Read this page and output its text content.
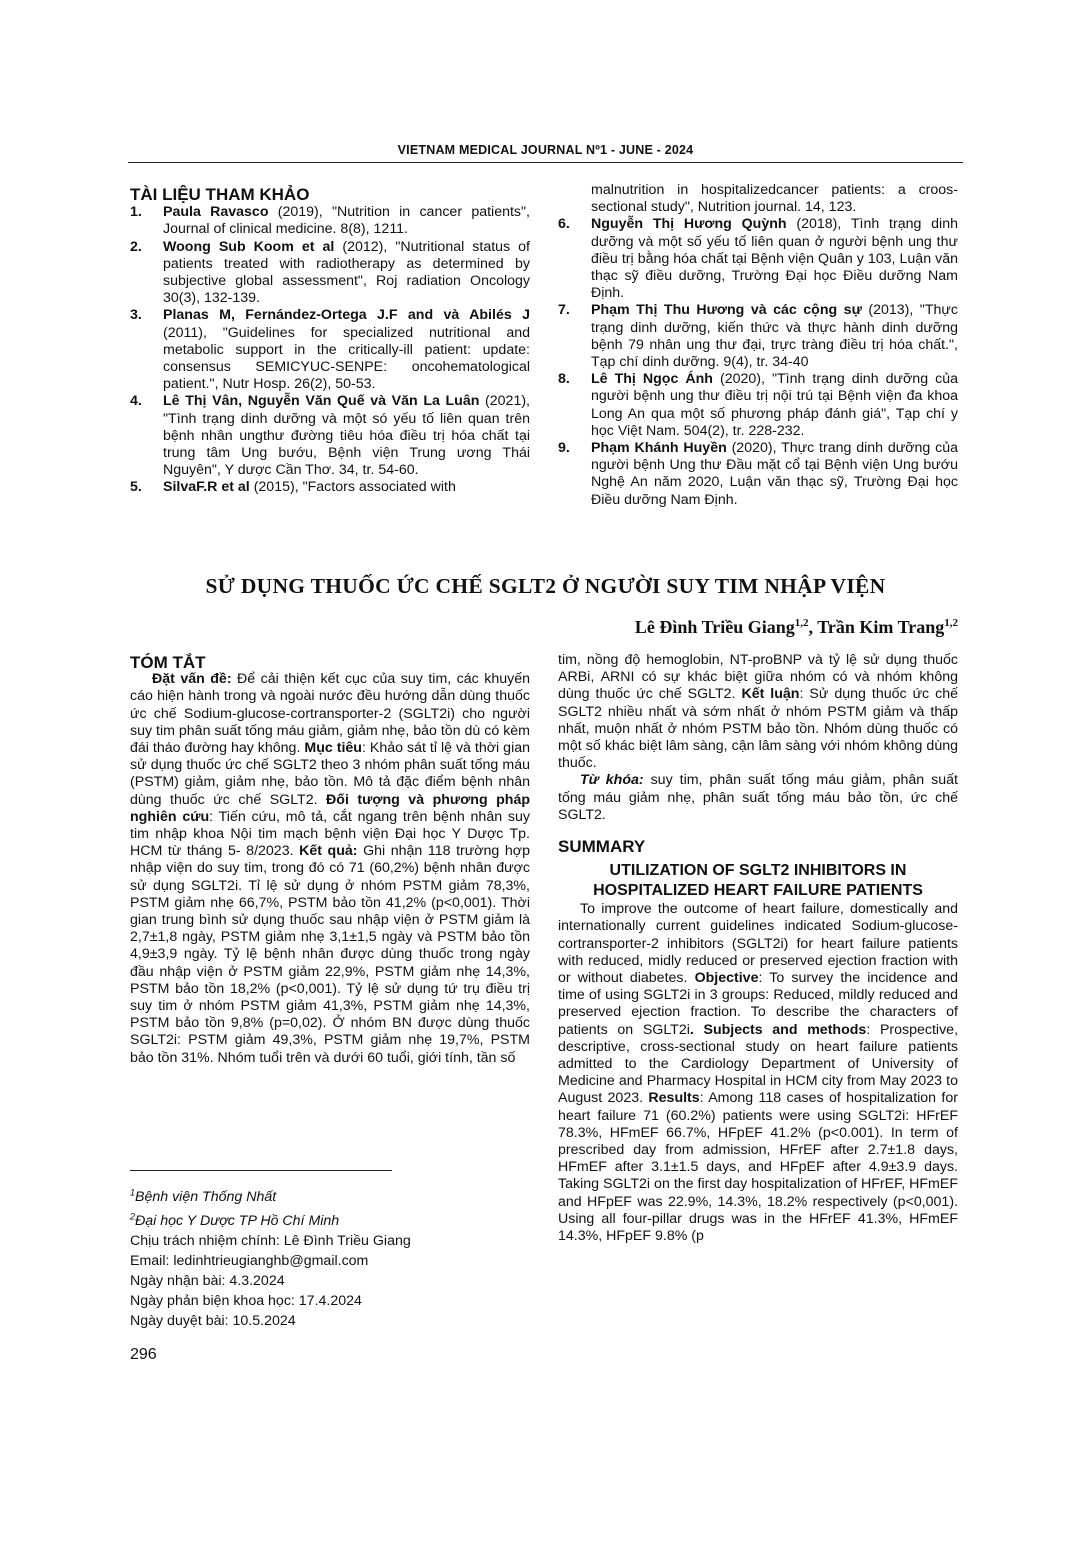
VIETNAM MEDICAL JOURNAL Nº1 - JUNE - 2024
TÀI LIỆU THAM KHẢO
1.	Paula Ravasco (2019), "Nutrition in cancer patients", Journal of clinical medicine. 8(8), 1211.
2.	Woong Sub Koom et al (2012), "Nutritional status of patients treated with radiotherapy as determined by subjective global assessment", Roj radiation Oncology 30(3), 132-139.
3.	Planas M, Fernández-Ortega J.F and và Abilés J (2011), "Guidelines for specialized nutritional and metabolic support in the critically-ill patient: update: consensus SEMICYUC-SENPE: oncohematological patient.", Nutr Hosp. 26(2), 50-53.
4.	Lê Thị Vân, Nguyễn Văn Quế và Văn La Luân (2021), "Tình trạng dinh dưỡng và một só yếu tố liên quan trên bệnh nhân ungthư đường tiêu hóa điều trị hóa chất tại trung tâm Ung bướu, Bệnh viện Trung ương Thái Nguyên", Y dược Cần Thơ. 34, tr. 54-60.
5.	SilvaF.R et al (2015), "Factors associated with
malnutrition in hospitalizedcancer patients: a croos-sectional study", Nutrition journal. 14, 123.
6.	Nguyễn Thị Hương Quỳnh (2018), Tình trạng dinh dưỡng và một số yếu tố liên quan ở người bệnh ung thư điều trị bằng hóa chất tại Bệnh viện Quân y 103, Luận văn thạc sỹ điều dưỡng, Trường Đại học Điều dưỡng Nam Định.
7.	Phạm Thị Thu Hương và các cộng sự (2013), "Thực trạng dinh dưỡng, kiến thức và thực hành dinh dưỡng bệnh 79 nhân ung thư đại, trực tràng điều trị hóa chất.", Tạp chí dinh dưỡng. 9(4), tr. 34-40
8.	Lê Thị Ngọc Ánh (2020), "Tình trạng dinh dưỡng của người bệnh ung thư điều trị nội trú tại Bệnh viện đa khoa Long An qua một số phương pháp đánh giá", Tạp chí y học Việt Nam. 504(2), tr. 228-232.
9.	Phạm Khánh Huyền (2020), Thực trang dinh dưỡng của người bệnh Ung thư Đầu mặt cổ tại Bệnh viện Ung bướu Nghệ An năm 2020, Luận văn thạc sỹ, Trường Đại học Điều dưỡng Nam Định.
SỬ DỤNG THUỐC ỨC CHẾ SGLT2 Ở NGƯỜI SUY TIM NHẬP VIỆN
Lê Đình Triều Giang$^{1,2}$, Trần Kim Trang$^{1,2}$
TÓM TẮT

Đặt vấn đề: Để cải thiện kết cục của suy tim, các khuyến cáo hiện hành trong và ngoài nước đều hướng dẫn dùng thuốc ức chế Sodium-glucose-cortransporter-2 (SGLT2i) cho người suy tim phân suất tống máu giảm, giảm nhẹ, bảo tồn dù có kèm đái tháo đường hay không. Mục tiêu: Khảo sát tỉ lệ và thời gian sử dụng thuốc ức chế SGLT2 theo 3 nhóm phân suất tống máu (PSTM) giảm, giảm nhẹ, bảo tồn. Mô tả đặc điểm bệnh nhân dùng thuốc ức chế SGLT2. Đối tượng và phương pháp nghiên cứu: Tiến cứu, mô tả, cắt ngang trên bệnh nhân suy tim nhập khoa Nội tim mạch bệnh viện Đại học Y Dược Tp. HCM từ tháng 5- 8/2023. Kết quả: Ghi nhận 118 trường hợp nhập viện do suy tim, trong đó có 71 (60,2%) bệnh nhân được sử dụng SGLT2i. Tỉ lệ sử dụng ở nhóm PSTM giảm 78,3%, PSTM giảm nhẹ 66,7%, PSTM bảo tồn 41,2% (p<0,001). Thời gian trung bình sử dụng thuốc sau nhập viện ở PSTM giảm là 2,7±1,8 ngày, PSTM giảm nhẹ 3,1±1,5 ngày và PSTM bảo tồn 4,9±3,9 ngày. Tỷ lệ bệnh nhân được dùng thuốc trong ngày đầu nhập viện ở PSTM giảm 22,9%, PSTM giảm nhẹ 14,3%, PSTM bảo tồn 18,2% (p<0,001). Tỷ lệ sử dụng tứ trụ điều trị suy tim ở nhóm PSTM giảm 41,3%, PSTM giảm nhẹ 14,3%, PSTM bảo tồn 9,8% (p=0,02). Ở nhóm BN được dùng thuốc SGLT2i: PSTM giảm 49,3%, PSTM giảm nhẹ 19,7%, PSTM bảo tồn 31%. Nhóm tuổi trên và dưới 60 tuổi, giới tính, tần số

tim, nồng độ hemoglobin, NT-proBNP và tỷ lệ sử dụng thuốc ARBi, ARNI có sự khác biệt giữa nhóm có và nhóm không dùng thuốc ức chế SGLT2. Kết luận: Sử dụng thuốc ức chế SGLT2 nhiều nhất và sớm nhất ở nhóm PSTM giảm và thấp nhất, muộn nhất ở nhóm PSTM bảo tồn. Nhóm dùng thuốc có một số khác biệt lâm sàng, cận lâm sàng với nhóm không dùng thuốc.

Từ khóa: suy tim, phân suất tống máu giảm, phân suất tống máu giảm nhẹ, phân suất tống máu bảo tồn, ức chế SGLT2.

SUMMARY
UTILIZATION OF SGLT2 INHIBITORS IN
HOSPITALIZED HEART FAILURE PATIENTS

To improve the outcome of heart failure, domestically and internationally current guidelines indicated Sodium-glucose-cortransporter-2 inhibitors (SGLT2i) for heart failure patients with reduced, midly reduced or preserved ejection fraction with or without diabetes. Objective: To survey the incidence and time of using SGLT2i in 3 groups: Reduced, mildly reduced and preserved ejection fraction. To describe the characters of patients on SGLT2i. Subjects and methods: Prospective, descriptive, cross-sectional study on heart failure patients admitted to the Cardiology Department of University of Medicine and Pharmacy Hospital in HCM city from May 2023 to August 2023. Results: Among 118 cases of hospitalization for heart failure 71 (60.2%) patients were using SGLT2i: HFrEF 78.3%, HFmEF 66.7%, HFpEF 41.2% (p<0.001). In term of prescribed day from admission, HFrEF after 2.7±1.8 days, HFmEF after 3.1±1.5 days, and HFpEF after 4.9±3.9 days. Taking SGLT2i on the first day hospitalization of HFrEF, HFmEF and HFpEF was 22.9%, 14.3%, 18.2% respectively (p<0,001). Using all four-pillar drugs was in the HFrEF 41.3%, HFmEF 14.3%, HFpEF 9.8% (p

$^1$Bệnh viện Thống Nhất
$^2$Đại học Y Dược TP Hồ Chí Minh
Chịu trách nhiệm chính: Lê Đình Triều Giang
Email: ledinhtrieugianghb@gmail.com
Ngày nhận bài: 4.3.2024
Ngày phản biện khoa học: 17.4.2024
Ngày duyệt bài: 10.5.2024
296
